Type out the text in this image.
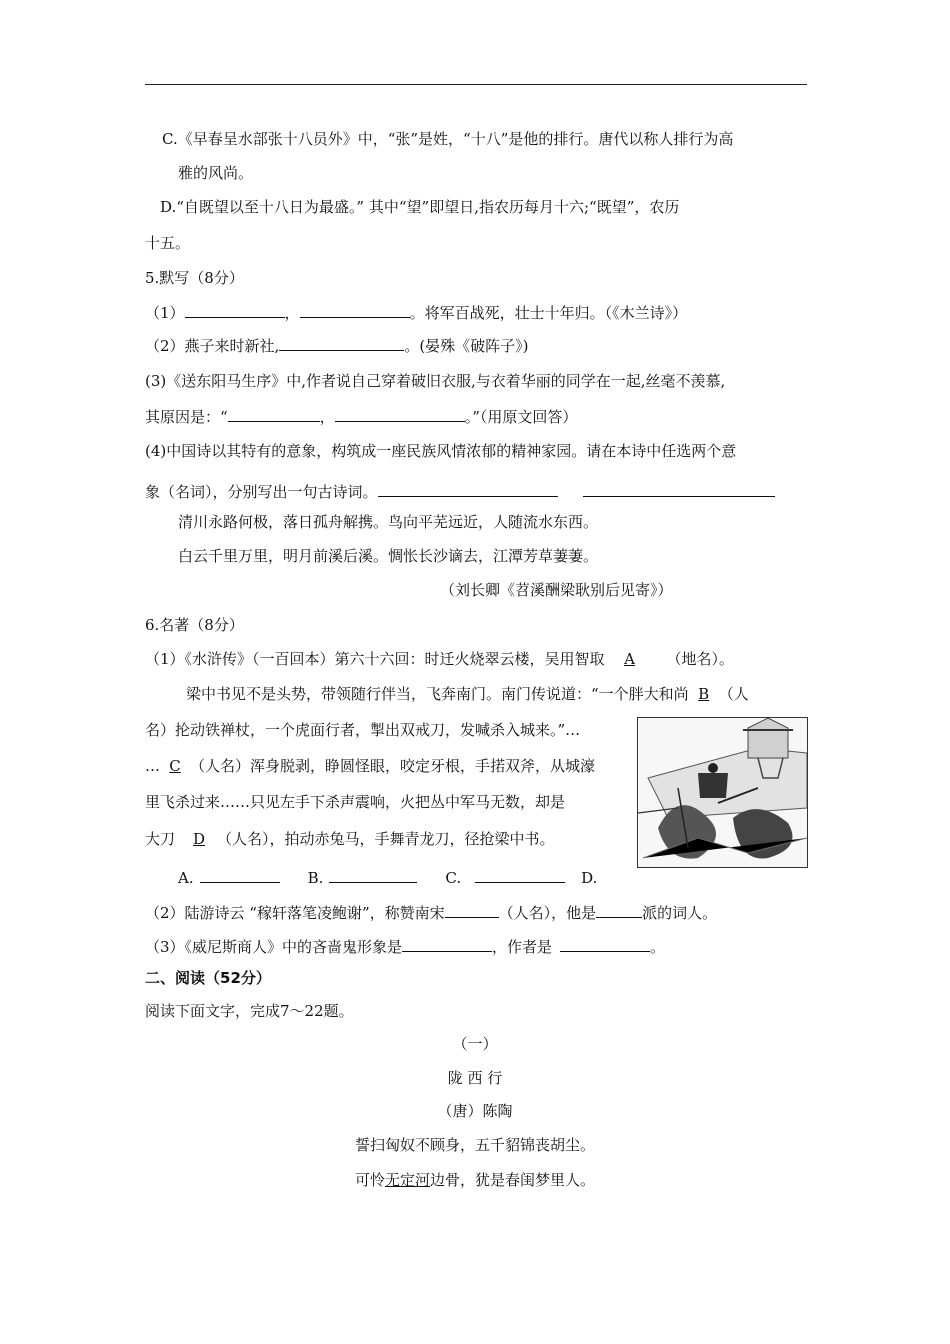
C.《早春呈水部张十八员外》中，“张”是姓，“十八”是他的排行。唐代以称人排行为高
雅的风尚。
D.“自既望以至十八日为最盛。” 其中“望”即望日,指农历每月十六;“既望”，农历
十五。
5.默写（8分）
（1）	，	。将军百战死，壮士十年归。（《木兰诗》）
（2）燕子来时新社,	。(晏殊《破阵子》)
(3)《送东阳马生序》中,作者说自己穿着破旧衣服,与衣着华丽的同学在一起,丝毫不羡慕,
其原因是：“	，	。”（用原文回答）
(4)中国诗以其特有的意象，构筑成一座民族风情浓郁的精神家园。请在本诗中任选两个意
象（名词），分别写出一句古诗词。
清川永路何极，落日孤舟解携。鸟向平芜远近，人随流水东西。
白云千里万里，明月前溪后溪。惆怅长沙谪去，江潭芳草萋萋。
（刘长卿《苕溪酬梁耿别后见寄》）
6.名著（8分）
（1）《水浒传》（一百回本）第六十六回：时迁火烧翠云楼，吴用智取 A （地名）。
梁中书见不是头势，带领随行伴当，飞奔南门。南门传说道：“一个胖大和尚 B （人
名）抡动铁禅杖，一个虎面行者，掣出双戒刀，发喊杀入城来。”…
… C （人名）浑身脱剥，睁圆怪眼，咬定牙根，手掿双斧，从城濠
里飞杀过来……只见左手下杀声震响，火把丛中军马无数，却是
大刀 D （人名），拍动赤兔马，手舞青龙刀，径抢梁中书。
A.	B.	C.	D.
（2）陆游诗云 “稼轩落笔凌鲍谢”，称赞南宋	（人名），他是	派的词人。
（3）《威尼斯商人》中的吝啬鬼形象是	，作者是	。
二、阅读（52分）
阅读下面文字，完成7～22题。
（一）
陇 西 行
（唐）陈陶
誓扫匈奴不顾身，五千貂锦丧胡尘。
可怜无定河边骨，犹是春闺梦里人。
